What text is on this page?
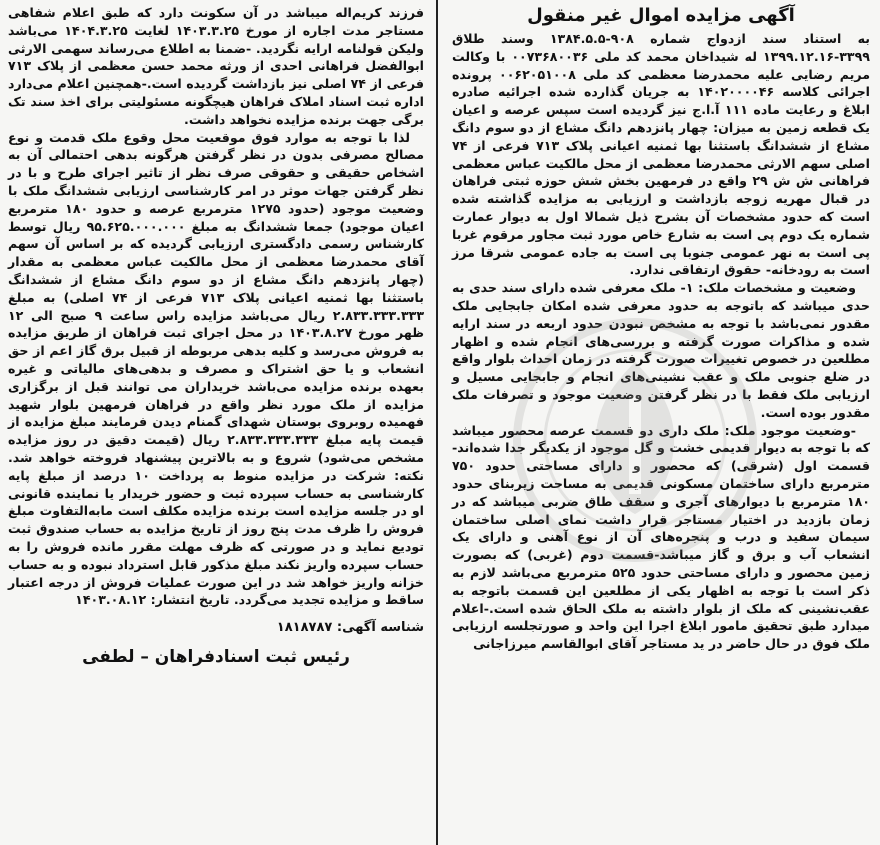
آگهی مزایده اموال غیر منقول

به استناد سند ازدواج شماره ۹۰۸-۱۳۸۴.۵.۵ وسند طلاق ۳۳۹۹-۱۳۹۹.۱۲.۱۶ له شیداخان محمد کد ملی ۰۰۷۳۶۸۰۰۳۶ با وکالت مریم رضایی علیه محمدرضا معظمی کد ملی ۰۰۶۲۰۵۱۰۰۸ پرونده اجرائی کلاسه ۱۴۰۲۰۰۰۰۴۶ به جریان گذارده شده اجرائیه صادره ابلاغ و رعایت ماده ۱۱۱ آ.ا.ج نیز گردیده است سپس عرصه و اعیان یک قطعه زمین به میزان: چهار پانزدهم دانگ مشاع از دو سوم دانگ مشاع از ششدانگ باستثنا بها ثمنیه اعیانی پلاک ۷۱۳ فرعی از ۷۴ اصلی سهم الارثی محمدرضا معظمی از محل مالکیت عباس معظمی فراهانی ش ش ۲۹ واقع در فرمهین بخش شش حوزه ثبتی فراهان در قبال مهریه زوجه بازداشت و ارزیابی به مزایده گذاشته شده است که حدود مشخصات آن بشرح ذیل شمالا اول به دیوار عمارت شماره یک دوم پی است به شارع خاص مورد ثبت مجاور مرقوم غربا پی است به نهر عمومی جنوبا پی است به جاده عمومی شرقا مرز است به رودخانه- حقوق ارتفاقی ندارد.

وضعیت و مشخصات ملک: ۱- ملک معرفی شده دارای سند حدی به حدی میباشد که باتوجه به حدود معرفی شده امکان جابجایی ملک مقدور نمی‌باشد با توجه به مشخص نبودن حدود اربعه در سند ارایه شده و مذاکرات صورت گرفته و بررسی‌های انجام شده و اظهار مطلعین در خصوص تغییرات صورت گرفته در زمان احداث بلوار واقع در ضلع جنوبی ملک و عقب نشینی‌های انجام و جابجایی مسیل و ارزیابی ملک فقط با در نظر گرفتن وضعیت موجود و تصرفات ملک مقدور بوده است.

-وضعیت موجود ملک: ملک داری دو قسمت عرصه محصور میباشد که با توجه به دیوار قدیمی خشت و گل موجود از یکدیگر جدا شده‌اند-قسمت اول (شرقی) که محصور و دارای مساحتی حدود ۷۵۰ مترمربع دارای ساختمان مسکونی قدیمی به مساحت زیربنای حدود ۱۸۰ مترمربع با دیوارهای آجری و سقف طاق ضربی میباشد که در زمان بازدید در اختیار مستاجر قرار داشت نمای اصلی ساختمان سیمان سفید و درب و پنجره‌های آن از نوع آهنی و دارای یک انشعاب آب و برق و گاز میباشد-قسمت دوم (غربی) که بصورت زمین محصور و دارای مساحتی حدود ۵۲۵ مترمربع می‌باشد لازم به ذکر است با توجه به اظهار یکی از مطلعین این قسمت باتوجه به عقب‌نشینی که ملک از بلوار داشته به ملک الحاق شده است.-اعلام میدارد طبق تحقیق مامور ابلاغ اجرا این واحد و صورتجلسه ارزیابی ملک فوق در حال حاضر در ید مستاجر آقای ابوالقاسم میرزاجانی

فرزند کریم‌اله میباشد در آن سکونت دارد که طبق اعلام شفاهی مستاجر مدت اجاره از مورخ ۱۴۰۳.۳.۲۵ لغایت ۱۴۰۴.۳.۲۵ می‌باشد ولیکن قولنامه ارایه نگردید. -ضمنا به اطلاع می‌رساند سهمی الارثی ابوالفضل فراهانی احدی از ورثه محمد حسن معظمی از پلاک ۷۱۳ فرعی از ۷۴ اصلی نیز بازداشت گردیده است.-همچنین اعلام می‌دارد اداره ثبت اسناد املاک فراهان هیچگونه مسئولیتی برای اخذ سند تک برگی جهت برنده مزایده نخواهد داشت.

لذا با توجه به موارد فوق موقعیت محل وقوع ملک قدمت و نوع مصالح مصرفی بدون در نظر گرفتن هرگونه بدهی احتمالی آن به اشخاص حقیقی و حقوقی صرف نظر از تاثیر اجرای طرح و با در نظر گرفتن جهات موثر در امر کارشناسی ارزیابی ششدانگ ملک با وضعیت موجود (حدود ۱۲۷۵ مترمربع عرصه و حدود ۱۸۰ مترمربع اعیان موجود) جمعا ششدانگ به مبلغ ۹۵.۶۲۵.۰۰۰.۰۰۰ ریال توسط کارشناس رسمی دادگستری ارزیابی گردیده که بر اساس آن سهم آقای محمدرضا معظمی از محل مالکیت عباس معظمی به مقدار (چهار پانزدهم دانگ مشاع از دو سوم دانگ مشاع از ششدانگ باستثنا بها ثمنیه اعیانی پلاک ۷۱۳ فرعی از ۷۴ اصلی) به مبلغ ۲.۸۳۳.۳۳۳.۳۳۳ ریال می‌باشد مزایده راس ساعت ۹ صبح الی ۱۲ ظهر مورخ ۱۴۰۳.۸.۲۷ در محل اجرای ثبت فراهان از طریق مزایده به فروش می‌رسد و کلیه بدهی مربوطه از قبیل برق گاز اعم از حق انشعاب و یا حق اشتراک و مصرف و بدهی‌های مالیاتی و غیره بعهده برنده مزایده می‌باشد خریداران می توانند قبل از برگزاری مزایده از ملک مورد نظر واقع در فراهان فرمهین بلوار شهید فهمیده روبروی بوستان شهدای گمنام دیدن فرمایند مبلغ مزایده از قیمت پایه مبلغ ۲.۸۳۳.۳۳۳.۳۳۳ ریال (قیمت دقیق در روز مزایده مشخص می‌شود) شروع و به بالاترین پیشنهاد فروخته خواهد شد. نکته: شرکت در مزایده منوط به پرداخت ۱۰ درصد از مبلغ پایه کارشناسی به حساب سپرده ثبت و حضور خریدار یا نماینده قانونی او در جلسه مزایده است برنده مزایده مکلف است مابه‌التفاوت مبلغ فروش را ظرف مدت پنج روز از تاریخ مزایده به حساب صندوق ثبت تودیع نماید و در صورتی که ظرف مهلت مقرر مانده فروش را به حساب سپرده واریز نکند مبلغ مذکور قابل استرداد نبوده و به حساب خزانه واریز خواهد شد در این صورت عملیات فروش از درجه اعتبار ساقط و مزایده تجدید می‌گردد. تاریخ انتشار: ۱۴۰۳.۰۸.۱۲

شناسه آگهی: ۱۸۱۸۷۸۷
رئیس ثبت اسنادفراهان – لطفی
